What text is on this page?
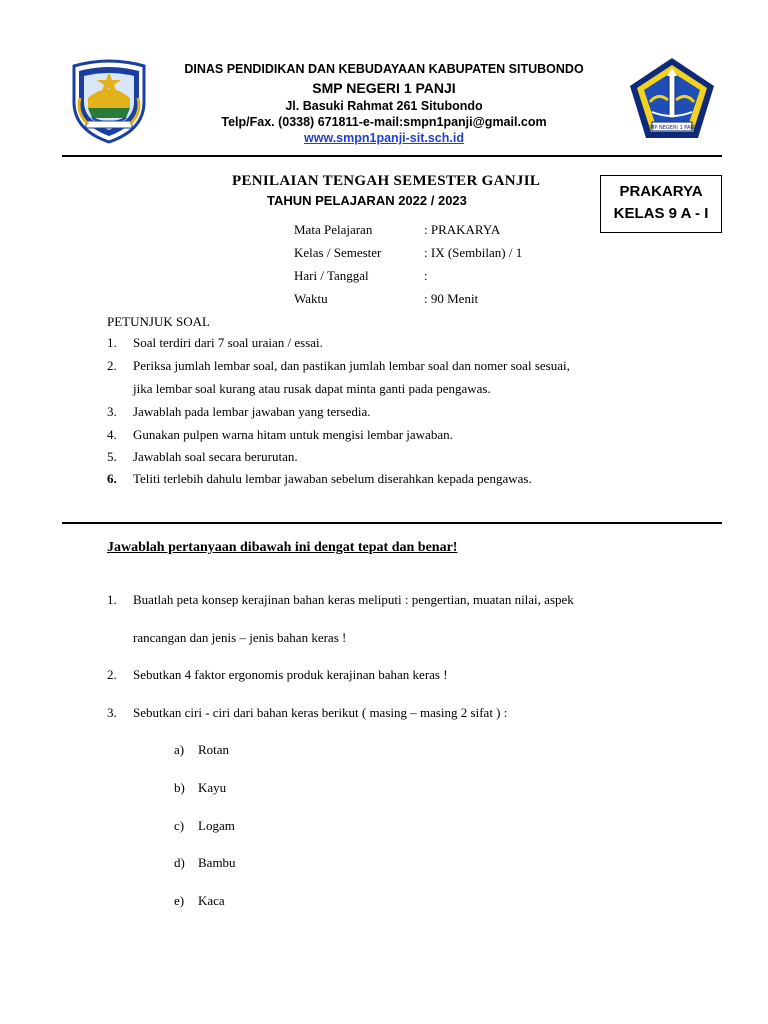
SMP NEGERI 1 PANJI
DINAS PENDIDIKAN DAN KEBUDAYAAN KABUPATEN SITUBONDO
SMP NEGERI 1 PANJI
Jl. Basuki Rahmat 261 Situbondo
Telp/Fax. (0338) 671811-e-mail:smpn1panji@gmail.com
www.smpn1panji-sit.sch.id
PRAKARYA
KELAS 9 A - I
PENILAIAN TENGAH SEMESTER GANJIL
TAHUN PELAJARAN 2022 / 2023
Mata Pelajaran	: PRAKARYA
Kelas / Semester	: IX (Sembilan) / 1
Hari / Tanggal	:
Waktu	: 90 Menit
PETUNJUK SOAL
1. Soal terdiri dari 7 soal uraian / essai.
2. Periksa jumlah lembar soal, dan pastikan jumlah lembar soal dan nomer soal sesuai,
jika lembar soal kurang atau rusak dapat minta ganti pada pengawas.
3. Jawablah pada lembar jawaban yang tersedia.
4. Gunakan pulpen warna hitam untuk mengisi lembar jawaban.
5. Jawablah soal secara berurutan.
6. Teliti terlebih dahulu lembar jawaban sebelum diserahkan kepada pengawas.
Jawablah pertanyaan dibawah ini dengat tepat dan benar!
1. Buatlah peta konsep kerajinan bahan keras meliputi : pengertian, muatan nilai, aspek
rancangan dan jenis – jenis bahan keras !
2. Sebutkan 4 faktor ergonomis produk kerajinan bahan keras !
3. Sebutkan ciri - ciri dari bahan keras berikut ( masing – masing 2 sifat ) :
a) Rotan
b) Kayu
c) Logam
d) Bambu
e) Kaca
